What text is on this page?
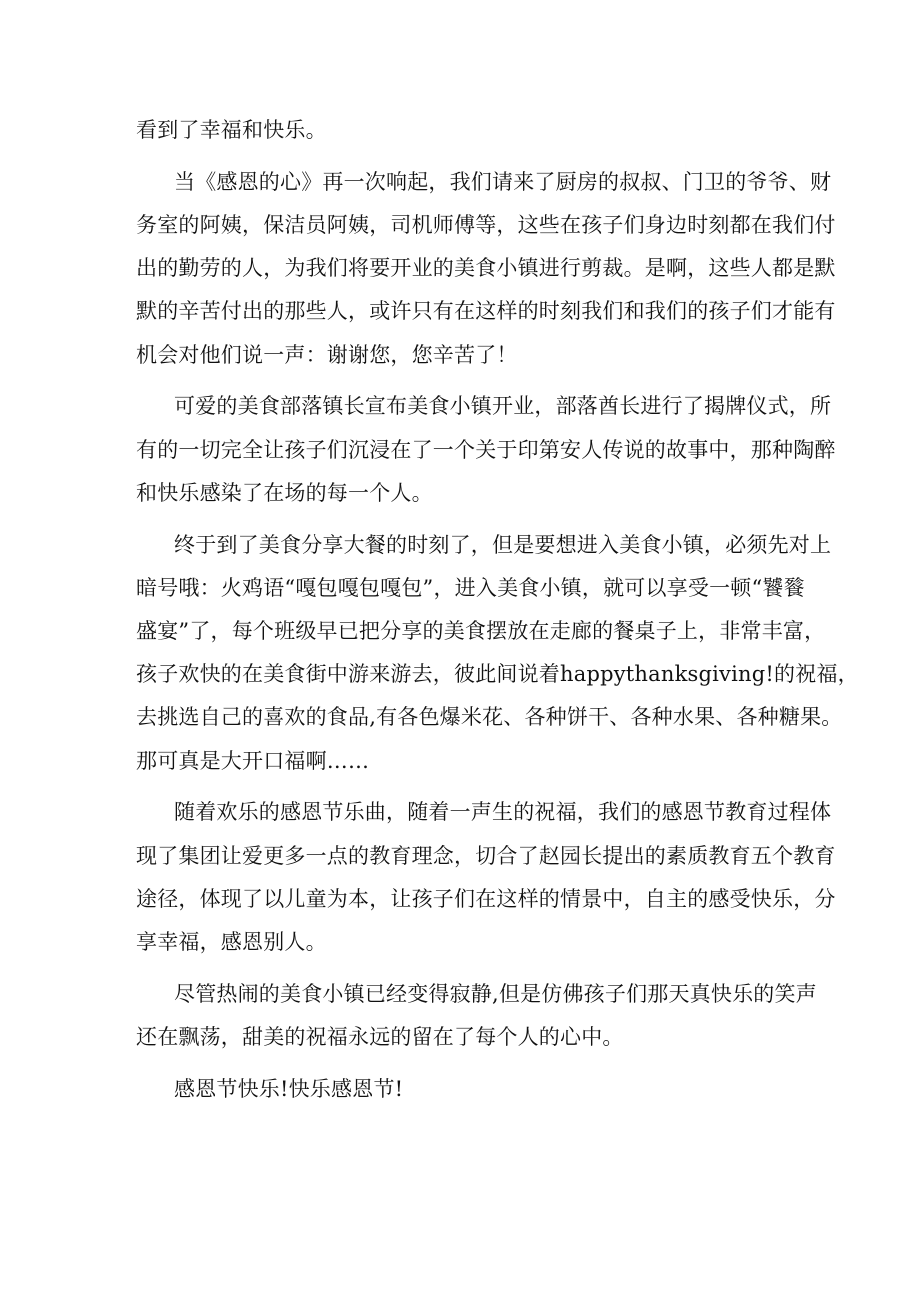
看到了幸福和快乐。

当《感恩的心》再一次响起，我们请来了厨房的叔叔、门卫的爷爷、财
务室的阿姨，保洁员阿姨，司机师傅等，这些在孩子们身边时刻都在我们付
出的勤劳的人，为我们将要开业的美食小镇进行剪裁。是啊，这些人都是默
默的辛苦付出的那些人，或许只有在这样的时刻我们和我们的孩子们才能有
机会对他们说一声：谢谢您，您辛苦了！

可爱的美食部落镇长宣布美食小镇开业，部落酋长进行了揭牌仪式，所
有的一切完全让孩子们沉浸在了一个关于印第安人传说的故事中，那种陶醉
和快乐感染了在场的每一个人。

终于到了美食分享大餐的时刻了，但是要想进入美食小镇，必须先对上
暗号哦：火鸡语“嘎包嘎包嘎包”，进入美食小镇，就可以享受一顿“饕餮
盛宴”了，每个班级早已把分享的美食摆放在走廊的餐桌子上，非常丰富，
孩子欢快的在美食街中游来游去，彼此间说着happythanksgiving!的祝福，
去挑选自己的喜欢的食品,有各色爆米花、各种饼干、各种水果、各种糖果。
那可真是大开口福啊……

随着欢乐的感恩节乐曲，随着一声生的祝福，我们的感恩节教育过程体
现了集团让爱更多一点的教育理念，切合了赵园长提出的素质教育五个教育
途径，体现了以儿童为本，让孩子们在这样的情景中，自主的感受快乐，分
享幸福，感恩别人。

尽管热闹的美食小镇已经变得寂静,但是仿佛孩子们那天真快乐的笑声
还在飘荡，甜美的祝福永远的留在了每个人的心中。

感恩节快乐!快乐感恩节!
